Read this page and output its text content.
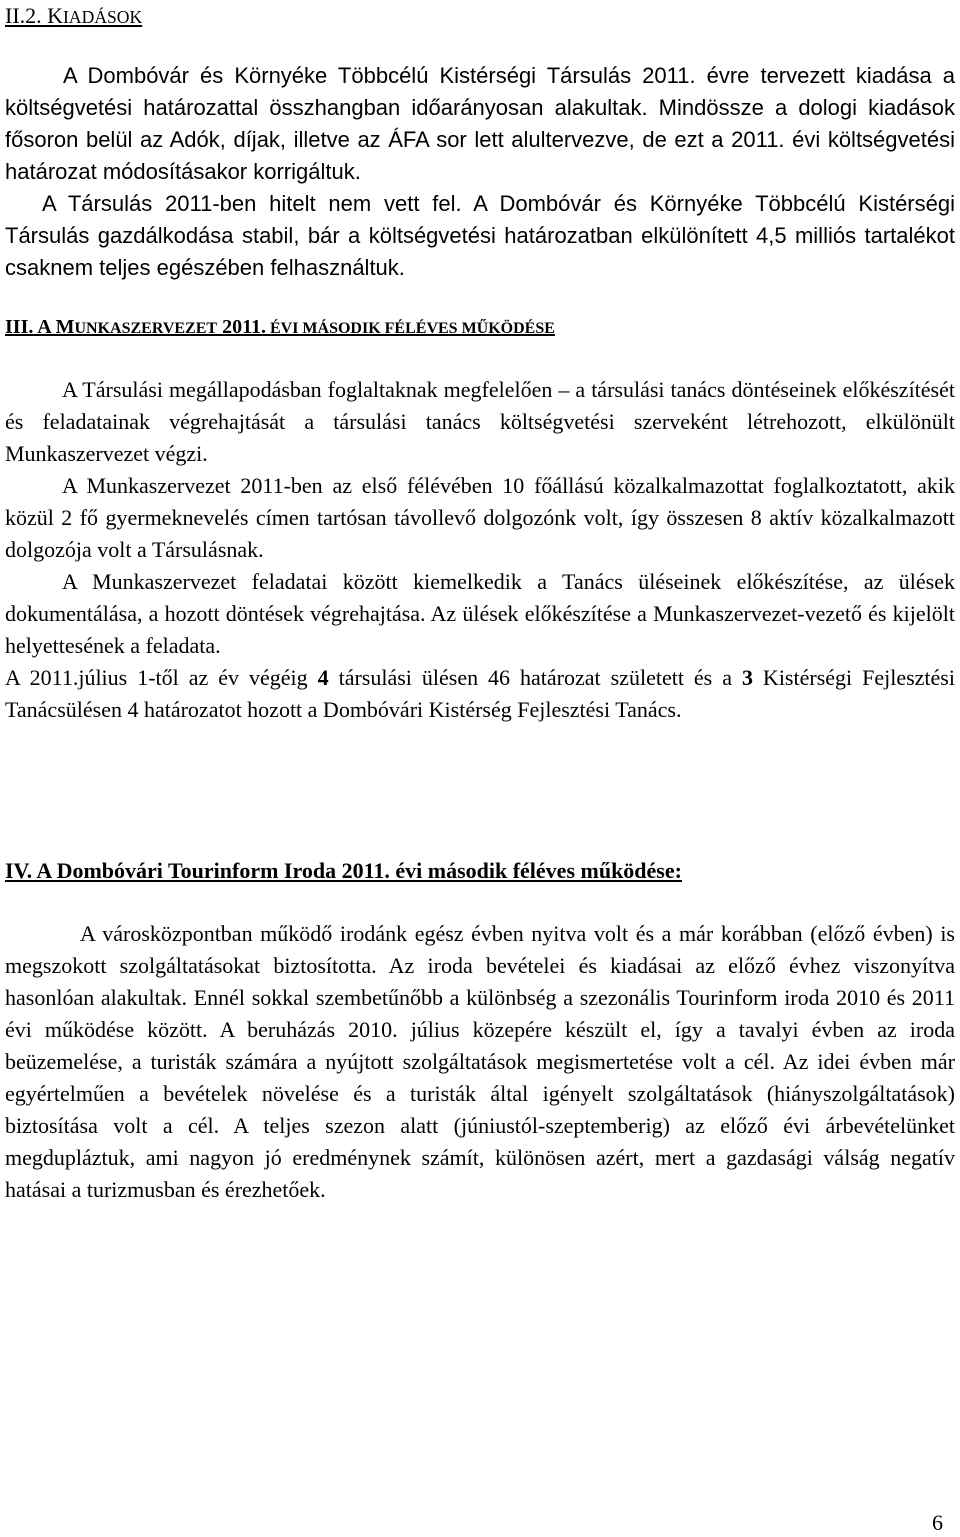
II.2. KIADÁSOK
A Dombóvár és Környéke Többcélú Kistérségi Társulás 2011. évre tervezett kiadása a költségvetési határozattal összhangban időarányosan alakultak. Mindössze a dologi kiadások fősoron belül az Adók, díjak, illetve az ÁFA sor lett alultervezve, de ezt a 2011. évi költségvetési határozat módosításakor korrigáltuk.
A Társulás 2011-ben hitelt nem vett fel. A Dombóvár és Környéke Többcélú Kistérségi Társulás gazdálkodása stabil, bár a költségvetési határozatban elkülönített 4,5 milliós tartalékot csaknem teljes egészében felhasználtuk.
III. A MUNKASZERVEZET 2011. ÉVI MÁSODIK FÉLÉVES MŰKÖDÉSE

A Társulási megállapodásban foglaltaknak megfelelően – a társulási tanács döntéseinek előkészítését és feladatainak végrehajtását a társulási tanács költségvetési szerveként létrehozott, elkülönült Munkaszervezet végzi.

A Munkaszervezet 2011-ben az első félévében 10 főállású közalkalmazottat foglalkoztatott, akik közül 2 fő gyermeknevelés címen tartósan távollevő dolgozónk volt, így összesen 8 aktív közalkalmazott dolgozója volt a Társulásnak.

A Munkaszervezet feladatai között kiemelkedik a Tanács üléseinek előkészítése, az ülések dokumentálása, a hozott döntések végrehajtása. Az ülések előkészítése a Munkaszervezet-vezető és kijelölt helyettesének a feladata.

A 2011.július 1-től az év végéig 4 társulási ülésen 46 határozat született és a 3 Kistérségi Fejlesztési Tanácsülésen 4 határozatot hozott a Dombóvári Kistérség Fejlesztési Tanács.

IV. A Dombóvári Tourinform Iroda 2011. évi második féléves működése:
A városközpontban működő irodánk egész évben nyitva volt és a már korábban (előző évben) is megszokott szolgáltatásokat biztosította. Az iroda bevételei és kiadásai az előző évhez viszonyítva hasonlóan alakultak. Ennél sokkal szembetűnőbb a különbség a szezonális Tourinform iroda 2010 és 2011 évi működése között. A beruházás 2010. július közepére készült el, így a tavalyi évben az iroda beüzemelése, a turisták számára a nyújtott szolgáltatások megismertetése volt a cél. Az idei évben már egyértelműen a bevételek növelése és a turisták által igényelt szolgáltatások (hiányszolgáltatások) biztosítása volt a cél. A teljes szezon alatt (júniustól-szeptemberig) az előző évi árbevételünket megdupláztuk, ami nagyon jó eredménynek számít, különösen azért, mert a gazdasági válság negatív hatásai a turizmusban és érezhetőek.
6
